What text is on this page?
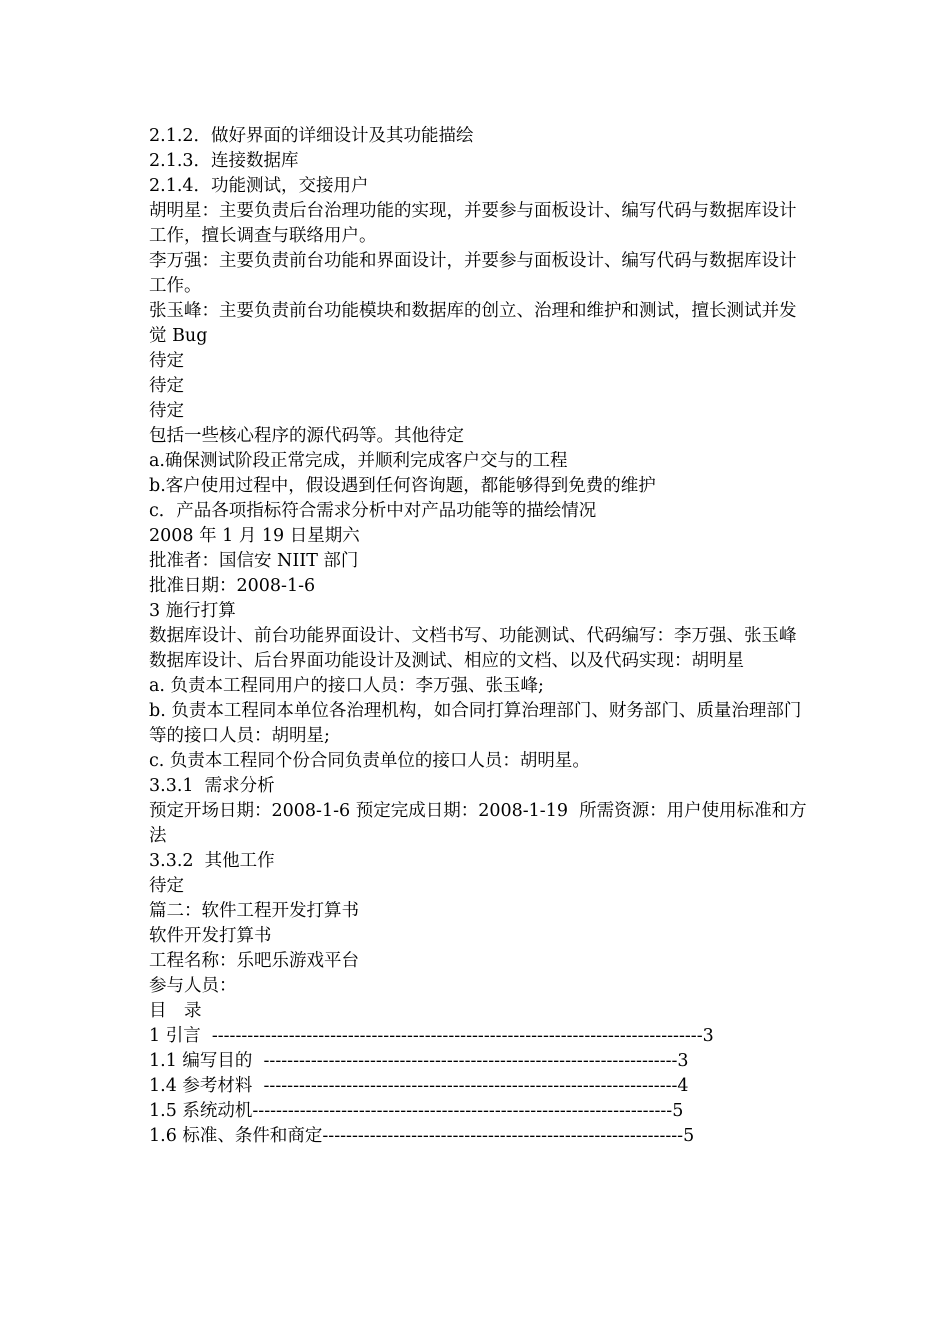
2.1.2．做好界面的详细设计及其功能描绘

2.1.3．连接数据库

2.1.4．功能测试，交接用户

胡明星：主要负责后台治理功能的实现，并要参与面板设计、编写代码与数据库设计工作，擅长调查与联络用户。

李万强：主要负责前台功能和界面设计，并要参与面板设计、编写代码与数据库设计工作。

张玉峰：主要负责前台功能模块和数据库的创立、治理和维护和测试，擅长测试并发觉 Bug

待定

待定

待定

包括一些核心程序的源代码等。其他待定

a.确保测试阶段正常完成，并顺利完成客户交与的工程

b.客户使用过程中，假设遇到任何咨询题，都能够得到免费的维护

c．产品各项指标符合需求分析中对产品功能等的描绘情况

2008 年 1 月 19 日星期六

批准者：国信安 NIIT 部门

批准日期：2008-1-6

3 施行打算

数据库设计、前台功能界面设计、文档书写、功能测试、代码编写：李万强、张玉峰　数据库设计、后台界面功能设计及测试、相应的文档、以及代码实现：胡明星

a. 负责本工程同用户的接口人员：李万强、张玉峰;

b. 负责本工程同本单位各治理机构，如合同打算治理部门、财务部门、质量治理部门

等的接口人员：胡明星;

c. 负责本工程同个份合同负责单位的接口人员：胡明星。

3.3.1  需求分析

预定开场日期：2008-1-6 预定完成日期：2008-1-19  所需资源：用户使用标准和方法

3.3.2  其他工作

待定

篇二：软件工程开发打算书

软件开发打算书

工程名称：乐吧乐游戏平台

参与人员：

目　录

1 引言  -----------------------------------------------------------------------------------3

1.1 编写目的  ----------------------------------------------------------------------3

1.4 参考材料  ----------------------------------------------------------------------4

1.5 系统动机-----------------------------------------------------------------------5

1.6 标准、条件和商定-------------------------------------------------------------5
